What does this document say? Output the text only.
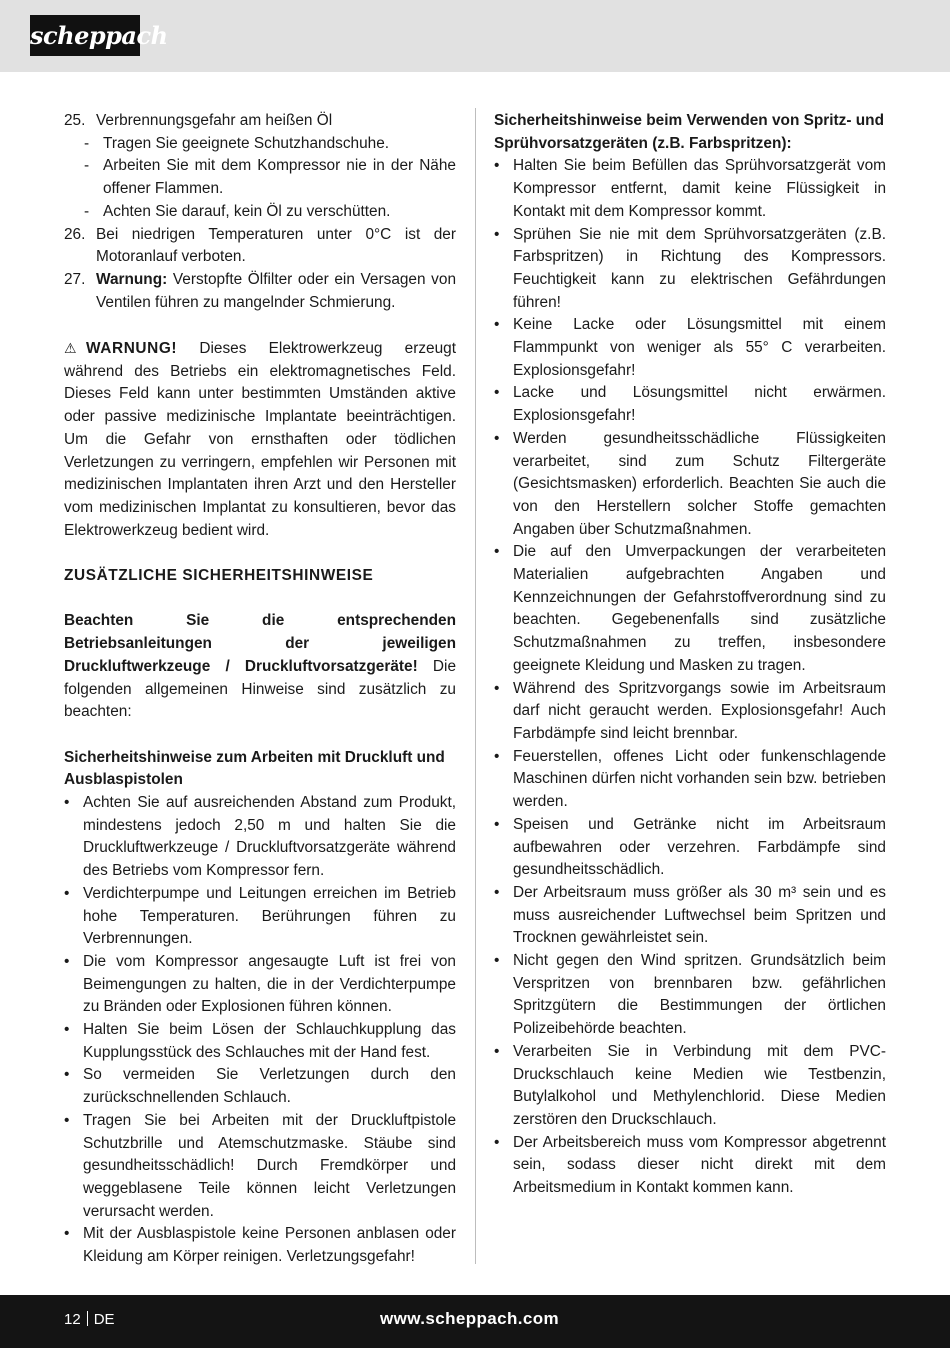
scheppach
25. Verbrennungsgefahr am heißen Öl
- Tragen Sie geeignete Schutzhandschuhe.
- Arbeiten Sie mit dem Kompressor nie in der Nähe offener Flammen.
- Achten Sie darauf, kein Öl zu verschütten.
26. Bei niedrigen Temperaturen unter 0°C ist der Motoranlauf verboten.
27. Warnung: Verstopfte Ölfilter oder ein Versagen von Ventilen führen zu mangelnder Schmierung.
⚠ WARNUNG! Dieses Elektrowerkzeug erzeugt während des Betriebs ein elektromagnetisches Feld. Dieses Feld kann unter bestimmten Umständen aktive oder passive medizinische Implantate beeinträchtigen. Um die Gefahr von ernsthaften oder tödlichen Verletzungen zu verringern, empfehlen wir Personen mit medizinischen Implantaten ihren Arzt und den Hersteller vom medizinischen Implantat zu konsultieren, bevor das Elektrowerkzeug bedient wird.
ZUSÄTZLICHE SICHERHEITSHINWEISE
Beachten Sie die entsprechenden Betriebsanleitungen der jeweiligen Druckluftwerkzeuge / Druckluftvorsatzgeräte! Die folgenden allgemeinen Hinweise sind zusätzlich zu beachten:
Sicherheitshinweise zum Arbeiten mit Druckluft und Ausblaspistolen
• Achten Sie auf ausreichenden Abstand zum Produkt, mindestens jedoch 2,50 m und halten Sie die Druckluftwerkzeuge / Druckluftvorsatzgeräte während des Betriebs vom Kompressor fern.
• Verdichterpumpe und Leitungen erreichen im Betrieb hohe Temperaturen. Berührungen führen zu Verbrennungen.
• Die vom Kompressor angesaugte Luft ist frei von Beimengungen zu halten, die in der Verdichterpumpe zu Bränden oder Explosionen führen können.
• Halten Sie beim Lösen der Schlauchkupplung das Kupplungsstück des Schlauches mit der Hand fest.
• So vermeiden Sie Verletzungen durch den zurückschnellenden Schlauch.
• Tragen Sie bei Arbeiten mit der Druckluftpistole Schutzbrille und Atemschutzmaske. Stäube sind gesundheitsschädlich! Durch Fremdkörper und weggeblasene Teile können leicht Verletzungen verursacht werden.
• Mit der Ausblaspistole keine Personen anblasen oder Kleidung am Körper reinigen. Verletzungsgefahr!
Sicherheitshinweise beim Verwenden von Spritz- und Sprühvorsatzgeräten (z.B. Farbspritzen):
• Halten Sie beim Befüllen das Sprühvorsatzgerät vom Kompressor entfernt, damit keine Flüssigkeit in Kontakt mit dem Kompressor kommt.
• Sprühen Sie nie mit dem Sprühvorsatzgeräten (z.B. Farbspritzen) in Richtung des Kompressors. Feuchtigkeit kann zu elektrischen Gefährdungen führen!
• Keine Lacke oder Lösungsmittel mit einem Flammpunkt von weniger als 55° C verarbeiten. Explosionsgefahr!
• Lacke und Lösungsmittel nicht erwärmen. Explosionsgefahr!
• Werden gesundheitsschädliche Flüssigkeiten verarbeitet, sind zum Schutz Filtergeräte (Gesichtsmasken) erforderlich. Beachten Sie auch die von den Herstellern solcher Stoffe gemachten Angaben über Schutzmaßnahmen.
• Die auf den Umverpackungen der verarbeiteten Materialien aufgebrachten Angaben und Kennzeichnungen der Gefahrstoffverordnung sind zu beachten. Gegebenenfalls sind zusätzliche Schutzmaßnahmen zu treffen, insbesondere geeignete Kleidung und Masken zu tragen.
• Während des Spritzvorgangs sowie im Arbeitsraum darf nicht geraucht werden. Explosionsgefahr! Auch Farbdämpfe sind leicht brennbar.
• Feuerstellen, offenes Licht oder funkenschlagende Maschinen dürfen nicht vorhanden sein bzw. betrieben werden.
• Speisen und Getränke nicht im Arbeitsraum aufbewahren oder verzehren. Farbdämpfe sind gesundheitsschädlich.
• Der Arbeitsraum muss größer als 30 m³ sein und es muss ausreichender Luftwechsel beim Spritzen und Trocknen gewährleistet sein.
• Nicht gegen den Wind spritzen. Grundsätzlich beim Verspritzen von brennbaren bzw. gefährlichen Spritzgütern die Bestimmungen der örtlichen Polizeibehörde beachten.
• Verarbeiten Sie in Verbindung mit dem PVC-Druckschlauch keine Medien wie Testbenzin, Butylalkohol und Methylenchlorid. Diese Medien zerstören den Druckschlauch.
• Der Arbeitsbereich muss vom Kompressor abgetrennt sein, sodass dieser nicht direkt mit dem Arbeitsmedium in Kontakt kommen kann.
12 DE	www.scheppach.com
